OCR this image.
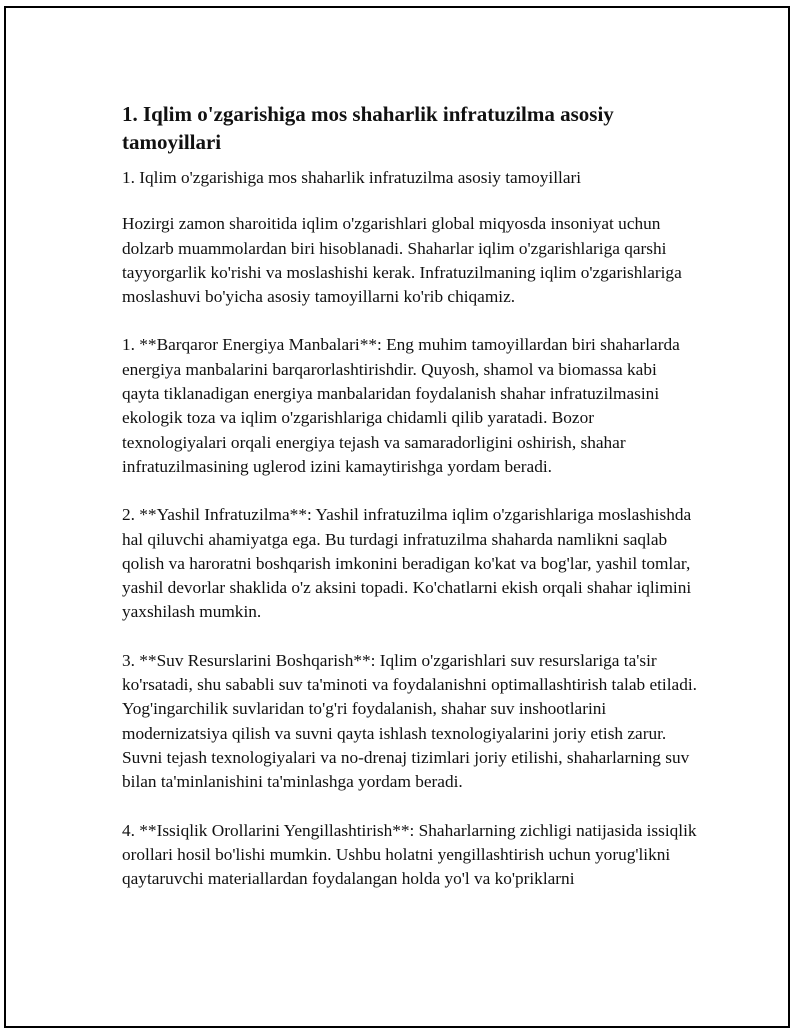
1. Iqlim o'zgarishiga mos shaharlik infratuzilma asosiy tamoyillari

1. Iqlim o'zgarishiga mos shaharlik infratuzilma asosiy tamoyillari

Hozirgi zamon sharoitida iqlim o'zgarishlari global miqyosda insoniyat uchun dolzarb muammolardan biri hisoblanadi. Shaharlar iqlim o'zgarishlariga qarshi tayyorgarlik ko'rishi va moslashishi kerak. Infratuzilmaning iqlim o'zgarishlariga moslashuvi bo'yicha asosiy tamoyillarni ko'rib chiqamiz.

1. **Barqaror Energiya Manbalari**: Eng muhim tamoyillardan biri shaharlarda energiya manbalarini barqarorlashtirishdir. Quyosh, shamol va biomassa kabi qayta tiklanadigan energiya manbalaridan foydalanish shahar infratuzilmasini ekologik toza va iqlim o'zgarishlariga chidamli qilib yaratadi. Bozor texnologiyalari orqali energiya tejash va samaradorligini oshirish, shahar infratuzilmasining uglerod izini kamaytirishga yordam beradi.

2. **Yashil Infratuzilma**: Yashil infratuzilma iqlim o'zgarishlariga moslashishda hal qiluvchi ahamiyatga ega. Bu turdagi infratuzilma shaharda namlikni saqlab qolish va haroratni boshqarish imkonini beradigan ko'kat va bog'lar, yashil tomlar, yashil devorlar shaklida o'z aksini topadi. Ko'chatlarni ekish orqali shahar iqlimini yaxshilash mumkin.

3. **Suv Resurslarini Boshqarish**: Iqlim o'zgarishlari suv resurslariga ta'sir ko'rsatadi, shu sababli suv ta'minoti va foydalanishni optimallashtirish talab etiladi. Yog'ingarchilik suvlaridan to'g'ri foydalanish, shahar suv inshootlarini modernizatsiya qilish va suvni qayta ishlash texnologiyalarini joriy etish zarur. Suvni tejash texnologiyalari va no-drenaj tizimlari joriy etilishi, shaharlarning suv bilan ta'minlanishini ta'minlashga yordam beradi.

4. **Issiqlik Orollarini Yengillashtirish**: Shaharlarning zichligi natijasida issiqlik orollari hosil bo'lishi mumkin. Ushbu holatni yengillashtirish uchun yorug'likni qaytaruvchi materiallardan foydalangan holda yo'l va ko'priklarni
